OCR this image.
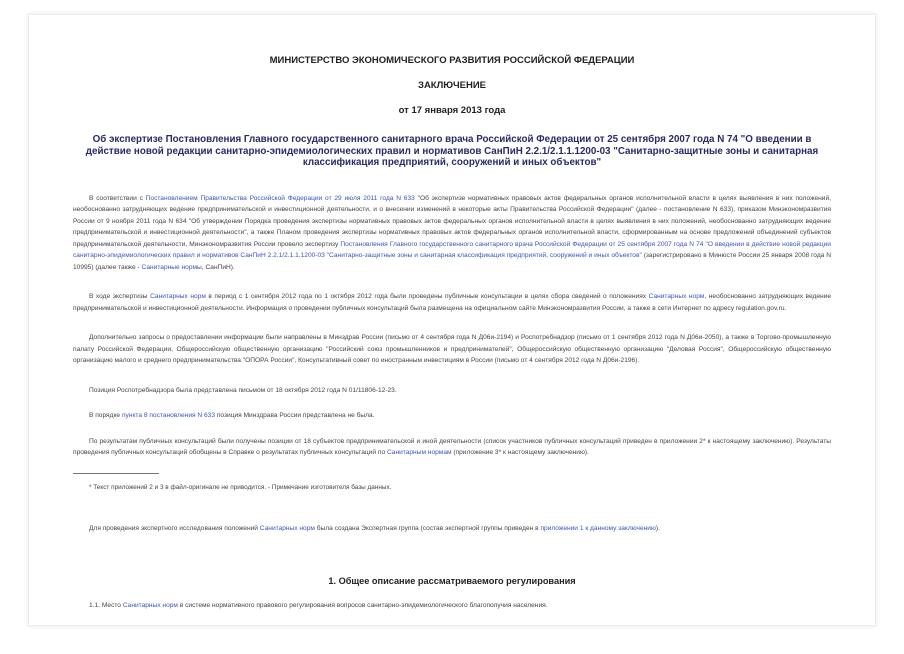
МИНИСТЕРСТВО ЭКОНОМИЧЕСКОГО РАЗВИТИЯ РОССИЙСКОЙ ФЕДЕРАЦИИ
ЗАКЛЮЧЕНИЕ
от 17 января 2013 года
Об экспертизе Постановления Главного государственного санитарного врача Российской Федерации от 25 сентября 2007 года N 74 "О введении в действие новой редакции санитарно-эпидемиологических правил и нормативов СанПиН 2.2.1/2.1.1.1200-03 "Санитарно-защитные зоны и санитарная классификация предприятий, сооружений и иных объектов"

В соответствии с Постановлением Правительства Российской Федерации от 29 июля 2011 года N 633 "Об экспертизе нормативных правовых актов федеральных органов исполнительной власти в целях выявления в них положений, необоснованно затрудняющих ведение предпринимательской и инвестиционной деятельности, и о внесении изменений в некоторые акты Правительства Российской Федерации" (далее - постановление N 633), приказом Минэкономразвития России от 9 ноября 2011 года N 634 "Об утверждении Порядка проведения экспертизы нормативных правовых актов федеральных органов исполнительной власти в целях выявления в них положений, необоснованно затрудняющих ведение предпринимательской и инвестиционной деятельности", а также Планом проведения экспертизы нормативных правовых актов федеральных органов исполнительной власти, сформированным на основе предложений объединений субъектов предпринимательской деятельности, Минэкономразвития России провело экспертизу Постановления Главного государственного санитарного врача Российской Федерации от 25 сентября 2007 года N 74 "О введении в действие новой редакции санитарно-эпидемиологических правил и нормативов СанПиН 2.2.1/2.1.1.1200-03 "Санитарно-защитные зоны и санитарная классификация предприятий, сооружений и иных объектов" (зарегистрировано в Минюсте России 25 января 2008 года N 10995) (далее также - Санитарные нормы, СанПиН).

В ходе экспертизы Санитарных норм в период с 1 сентября 2012 года по 1 октября 2012 года были проведены публичные консультации в целях сбора сведений о положениях Санитарных норм, необоснованно затрудняющих ведение предпринимательской и инвестиционной деятельности. Информация о проведении публичных консультаций была размещена на официальном сайте Минэкономразвития России, а также в сети Интернет по адресу regulation.gov.ru.

Дополнительно запросы о предоставлении информации были направлены в Минздрав России (письмо от 4 сентября года N Д06и-2194) и Роспотребнадзор (письмо от 1 сентября 2012 года N Д06и-2050), а также в Торгово-промышленную палату Российской Федерации, Общероссийскую общественную организацию "Российский союз промышленников и предпринимателей", Общероссийскую общественную организацию "Деловая Россия", Общероссийскую общественную организацию малого и среднего предпринимательства "ОПОРА России", Консультативный совет по иностранным инвестициям в России (письмо от 4 сентября 2012 года N Д06и-2196).

Позиция Роспотребнадзора была представлена письмом от 18 октября 2012 года N 01/11806-12-23.

В порядке пункта 8 постановления N 633 позиция Минздрава России представлена не была.

По результатам публичных консультаций были получены позиции от 18 субъектов предпринимательской и иной деятельности (список участников публичных консультаций приведен в приложении 2* к настоящему заключению). Результаты проведения публичных консультаций обобщены в Справке о результатах публичных консультаций по Санитарным нормам (приложение 3* к настоящему заключению).

* Текст приложений 2 и 3 в файл-оригинале не приводится. - Примечание изготовителя базы данных.

Для проведения экспертного исследования положений Санитарных норм была создана Экспертная группа (состав экспертной группы приведен в приложении 1 к данному заключению).

1. Общее описание рассматриваемого регулирования

1.1. Место Санитарных норм в системе нормативного правового регулирования вопросов санитарно-эпидемиологического благополучия населения.
